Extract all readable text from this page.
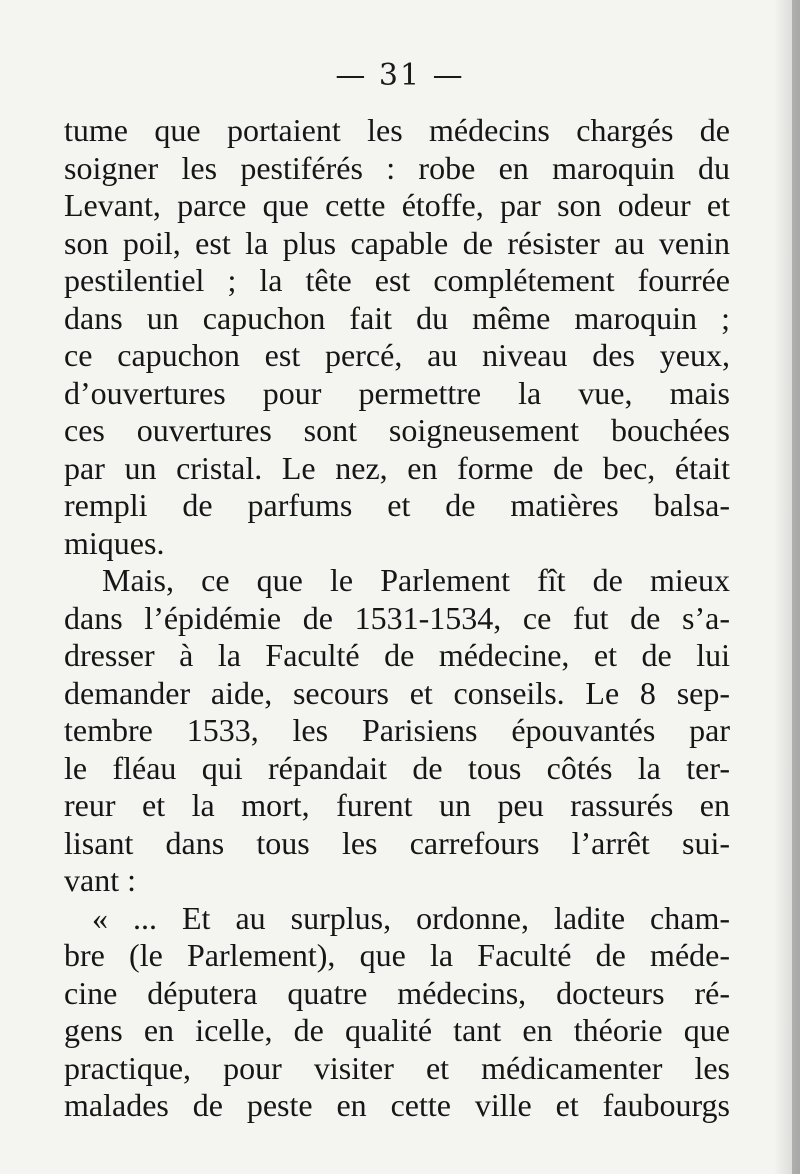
— 31 —
tume que portaient les médecins chargés de
soigner les pestiférés : robe en maroquin du
Levant, parce que cette étoffe, par son odeur et
son poil, est la plus capable de résister au venin
pestilentiel ; la tête est complétement fourrée
dans un capuchon fait du même maroquin ;
ce capuchon est percé, au niveau des yeux,
d’ouvertures pour permettre la vue, mais
ces ouvertures sont soigneusement bouchées
par un cristal. Le nez, en forme de bec, était
rempli de parfums et de matières balsa-
miques.
Mais, ce que le Parlement fît de mieux
dans l’épidémie de 1531-1534, ce fut de s’a-
dresser à la Faculté de médecine, et de lui
demander aide, secours et conseils. Le 8 sep-
tembre 1533, les Parisiens épouvantés par
le fléau qui répandait de tous côtés la ter-
reur et la mort, furent un peu rassurés en
lisant dans tous les carrefours l’arrêt sui-
vant :
« ... Et au surplus, ordonne, ladite cham-
bre (le Parlement), que la Faculté de méde-
cine députera quatre médecins, docteurs ré-
gens en icelle, de qualité tant en théorie que
practique, pour visiter et médicamenter les
malades de peste en cette ville et faubourgs
